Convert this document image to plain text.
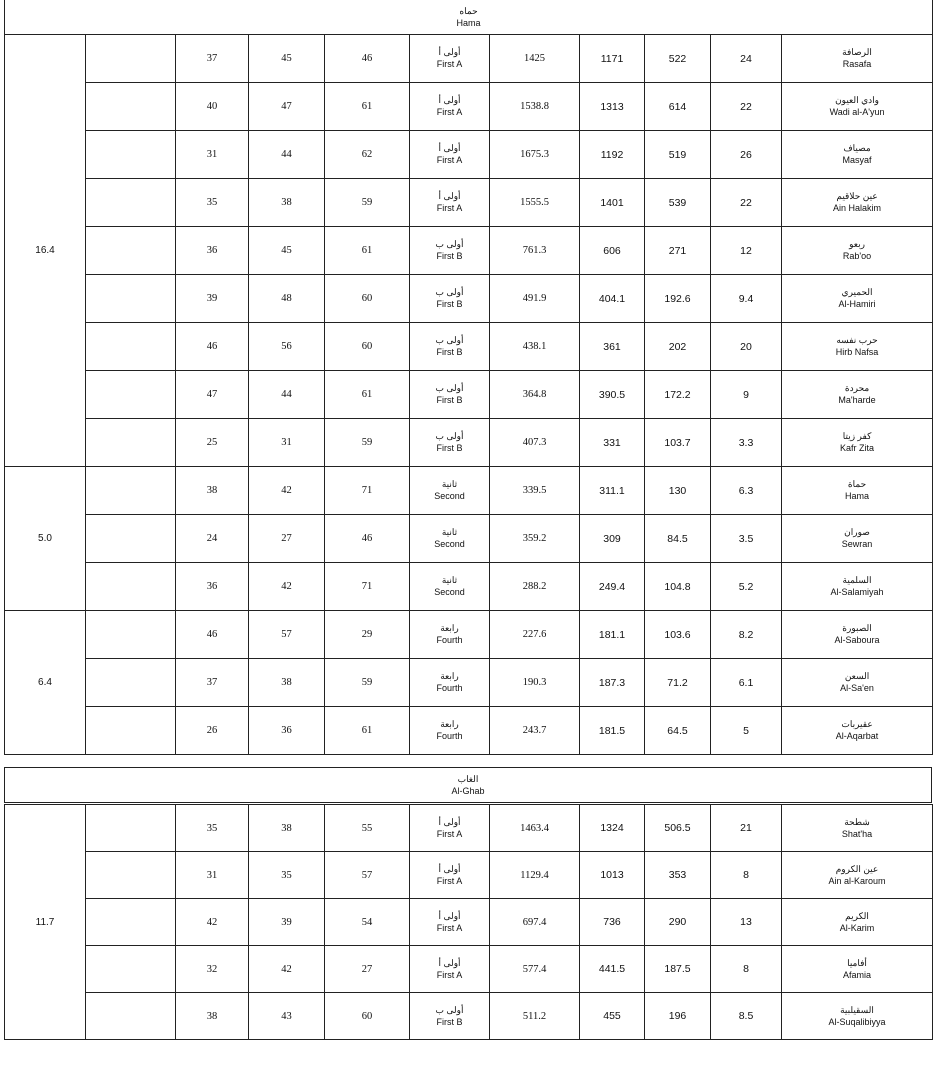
حماه
Hama										

16.4		37	45	46	أولى أ
First A	1425	1171	522	24	الرصافة
Rasafa

		40	47	61	أولى أ
First A	1538.8	1313	614	22	وادي العيون
Wadi al-A'yun

		31	44	62	أولى أ
First A	1675.3	1192	519	26	مصياف
Masyaf

		35	38	59	أولى أ
First A	1555.5	1401	539	22	عين حلاقيم
Ain Halakim

		36	45	61	أولى ب
First B	761.3	606	271	12	ربعو
Rab'oo

		39	48	60	أولى ب
First B	491.9	404.1	192.6	9.4	الحميري
Al-Hamiri

		46	56	60	أولى ب
First B	438.1	361	202	20	حرب نفسه
Hirb Nafsa

		47	44	61	أولى ب
First B	364.8	390.5	172.2	9	محردة
Ma'harde

		25	31	59	أولى ب
First B	407.3	331	103.7	3.3	كفر زيتا
Kafr Zita

5.0		38	42	71	ثانية
Second	339.5	311.1	130	6.3	حماة
Hama

		24	27	46	ثانية
Second	359.2	309	84.5	3.5	صوران
Sewran

		36	42	71	ثانية
Second	288.2	249.4	104.8	5.2	السلمية
Al-Salamiyah

6.4		46	57	29	رابعة
Fourth	227.6	181.1	103.6	8.2	الصبورة
Al-Saboura

		37	38	59	رابعة
Fourth	190.3	187.3	71.2	6.1	السعن
Al-Sa'en

		26	36	61	رابعة
Fourth	243.7	181.5	64.5	5	عقيربات
Al-Aqarbat
الغاب
Al-Ghab
11.7		35	38	55	أولى أ
First A	1463.4	1324	506.5	21	شطحة
Shat'ha

		31	35	57	أولى أ
First A	1129.4	1013	353	8	عين الكروم
Ain al-Karoum

		42	39	54	أولى أ
First A	697.4	736	290	13	الكريم
Al-Karim

		32	42	27	أولى أ
First A	577.4	441.5	187.5	8	أفاميا
Afamia

		38	43	60	أولى ب
First B	511.2	455	196	8.5	السقيلبية
Al-Suqalibiyya
